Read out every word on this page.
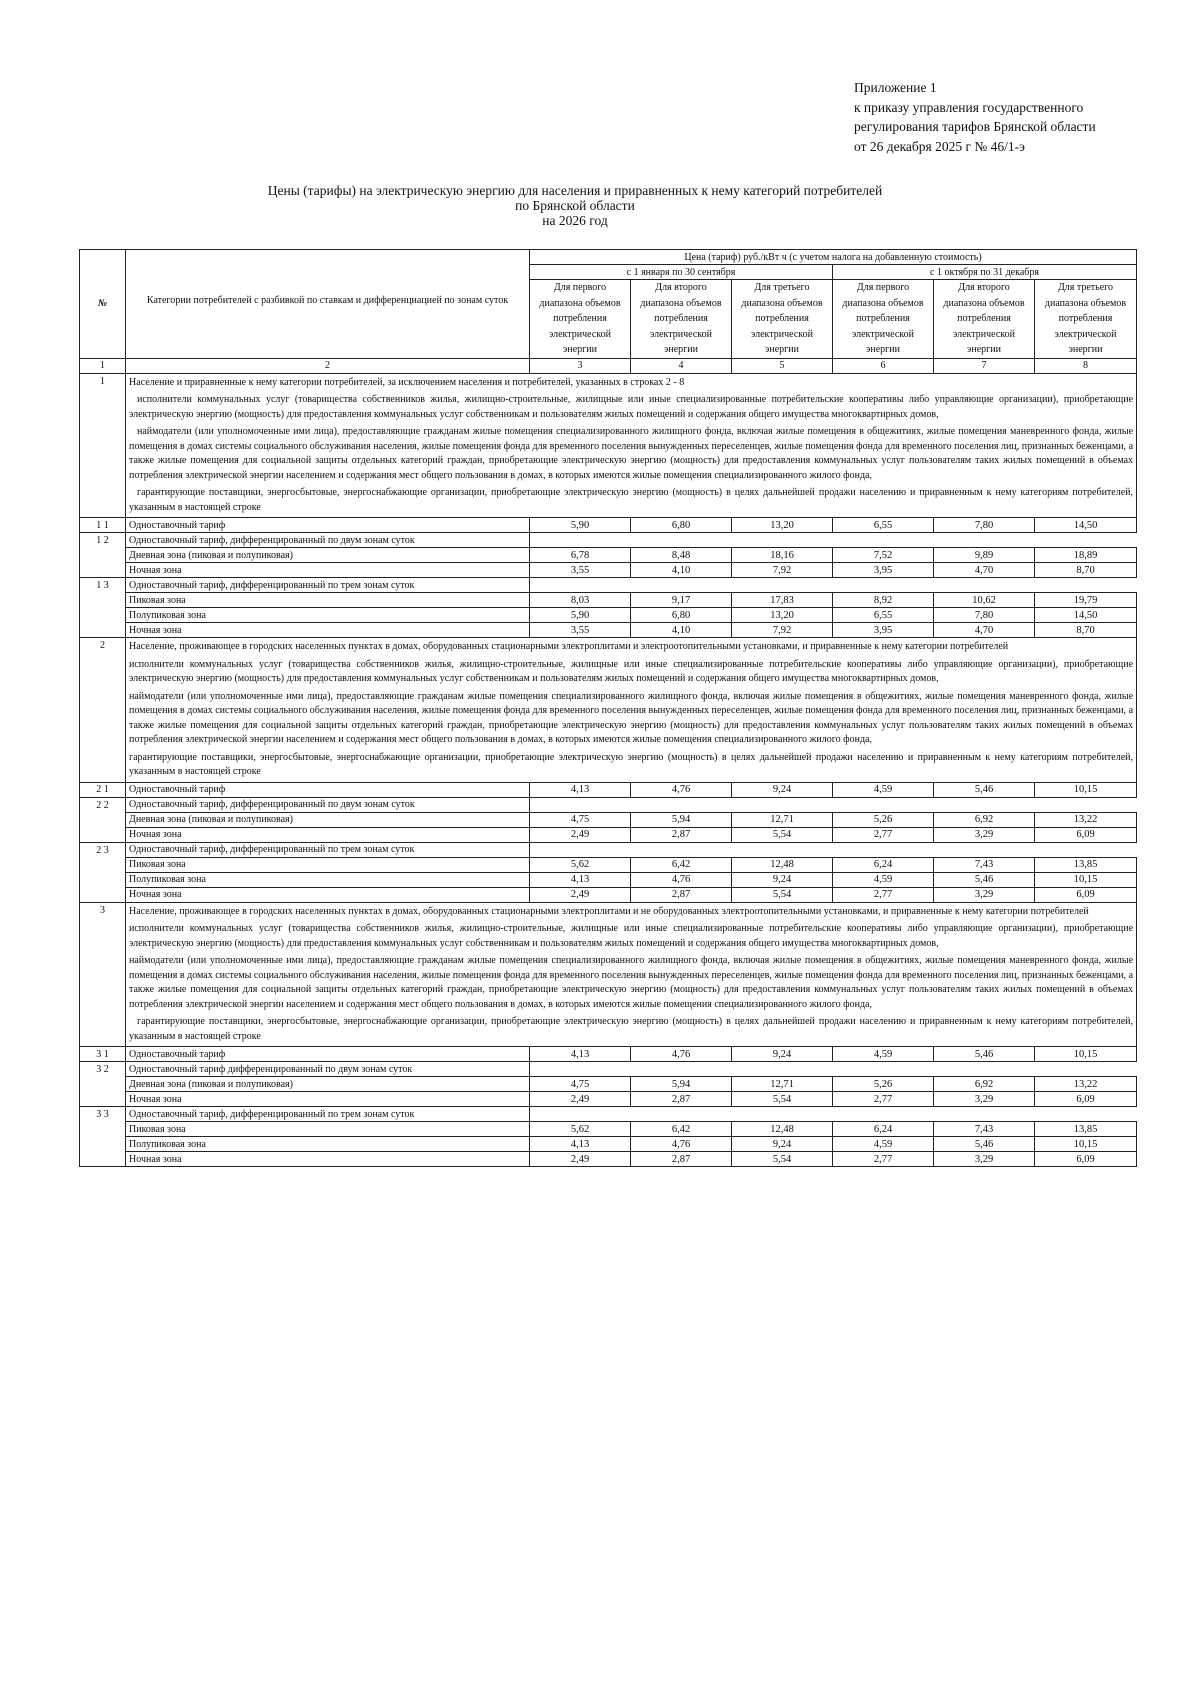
Приложение 1
к приказу управления государственного
регулирования тарифов Брянской области
от 26 декабря 2025 г № 46/1-э
Цены (тарифы) на электрическую энергию для населения и приравненных к нему категорий потребителей
по Брянской области
на 2026 год
№	Категории потребителей с разбивкой по ставкам и дифференциацией по зонам суток	Цена (тариф) руб./кВт ч (с учетом налога на добавленную стоимость)					
		с 1 января по 30 сентября			с 1 октября по 31 декабря		
		Для первого диапазона объемов потребления электрической энергии	Для второго диапазона объемов потребления электрической энергии	Для третьего диапазона объемов потребления электрической энергии	Для первого диапазона объемов потребления электрической энергии	Для второго диапазона объемов потребления электрической энергии	Для третьего диапазона объемов потребления электрической энергии
1	2	3	4	5	6	7	8
1	Население и приравненные к нему категории потребителей, за исключением населения и потребителей, указанных в строках 2 - 8

исполнители коммунальных услуг (товарищества собственников жилья, жилищно-строительные, жилищные или иные специализированные потребительские кооперативы либо управляющие организации), приобретающие электрическую энергию (мощность) для предоставления коммунальных услуг собственникам и пользователям жилых помещений и содержания общего имущества многоквартирных домов,

наймодатели (или уполномоченные ими лица), предоставляющие гражданам жилые помещения специализированного жилищного фонда, включая жилые помещения в общежитиях, жилые помещения маневренного фонда, жилые помещения в домах системы социального обслуживания населения, жилые помещения фонда для временного поселения вынужденных переселенцев, жилые помещения фонда для временного поселения лиц, признанных беженцами, а также жилые помещения для социальной защиты отдельных категорий граждан, приобретающие электрическую энергию (мощность) для предоставления коммунальных услуг пользователям таких жилых помещений в объемах потребления электрической энергии населением и содержания мест общего пользования в домах, в которых имеются жилые помещения специализированного жилого фонда,

гарантирующие поставщики, энергосбытовые, энергоснабжающие организации, приобретающие электрическую энергию (мощность) в целях дальнейшей продажи населению и приравненным к нему категориям потребителей, указанным в настоящей строке						

1 1	Одноставочный тариф	5,90	6,80	13,20	6,55	7,80	14,50
1 2	Одноставочный тариф, дифференцированный по двум зонам суток						
	Дневная зона (пиковая и полупиковая)	6,78	8,48	18,16	7,52	9,89	18,89
	Ночная зона	3,55	4,10	7,92	3,95	4,70	8,70
1 3	Одноставочный тариф, дифференцированный по трем зонам суток						
	Пиковая зона	8,03	9,17	17,83	8,92	10,62	19,79
	Полупиковая зона	5,90	6,80	13,20	6,55	7,80	14,50
	Ночная зона	3,55	4,10	7,92	3,95	4,70	8,70
2	Население, проживающее в городских населенных пунктах в домах, оборудованных стационарными электроплитами и электроотопительными установками, и приравненные к нему категории потребителей

исполнители коммунальных услуг (товарищества собственников жилья, жилищно-строительные, жилищные или иные специализированные потребительские кооперативы либо управляющие организации), приобретающие электрическую энергию (мощность) для предоставления коммунальных услуг собственникам и пользователям жилых помещений и содержания общего имущества многоквартирных домов,

наймодатели (или уполномоченные ими лица), предоставляющие гражданам жилые помещения специализированного жилищного фонда, включая жилые помещения в общежитиях, жилые помещения маневренного фонда, жилые помещения в домах системы социального обслуживания населения, жилые помещения фонда для временного поселения вынужденных переселенцев, жилые помещения фонда для временного поселения лиц, признанных беженцами, а также жилые помещения для социальной защиты отдельных категорий граждан, приобретающие электрическую энергию (мощность) для предоставления коммунальных услуг пользователям таких жилых помещений в объемах потребления электрической энергии населением и содержания мест общего пользования в домах, в которых имеются жилые помещения специализированного жилого фонда,

гарантирующие поставщики, энергосбытовые, энергоснабжающие организации, приобретающие электрическую энергию (мощность) в целях дальнейшей продажи населению и приравненным к нему категориям потребителей, указанным в настоящей строке						

2 1	Одноставочный тариф	4,13	4,76	9,24	4,59	5,46	10,15
2 2	Одноставочный тариф, дифференцированный по двум зонам суток						
	Дневная зона (пиковая и полупиковая)	4,75	5,94	12,71	5,26	6,92	13,22
	Ночная зона	2,49	2,87	5,54	2,77	3,29	6,09
2 3	Одноставочный тариф, дифференцированный по трем зонам суток						
	Пиковая зона	5,62	6,42	12,48	6,24	7,43	13,85
	Полупиковая зона	4,13	4,76	9,24	4,59	5,46	10,15
	Ночная зона	2,49	2,87	5,54	2,77	3,29	6,09
3	Население, проживающее в городских населенных пунктах в домах, оборудованных стационарными электроплитами и не оборудованных электроотопительными установками, и приравненные к нему категории потребителей

исполнители коммунальных услуг (товарищества собственников жилья, жилищно-строительные, жилищные или иные специализированные потребительские кооперативы либо управляющие организации), приобретающие электрическую энергию (мощность) для предоставления коммунальных услуг собственникам и пользователям жилых помещений и содержания общего имущества многоквартирных домов,

наймодатели (или уполномоченные ими лица), предоставляющие гражданам жилые помещения специализированного жилищного фонда, включая жилые помещения в общежитиях, жилые помещения маневренного фонда, жилые помещения в домах системы социального обслуживания населения, жилые помещения фонда для временного поселения вынужденных переселенцев, жилые помещения фонда для временного поселения лиц, признанных беженцами, а также жилые помещения для социальной защиты отдельных категорий граждан, приобретающие электрическую энергию (мощность) для предоставления коммунальных услуг пользователям таких жилых помещений в объемах потребления электрической энергии населением и содержания мест общего пользования в домах, в которых имеются жилые помещения специализированного жилого фонда,

гарантирующие поставщики, энергосбытовые, энергоснабжающие организации, приобретающие электрическую энергию (мощность) в целях дальнейшей продажи населению и приравненным к нему категориям потребителей, указанным в настоящей строке						

3 1	Одноставочный тариф	4,13	4,76	9,24	4,59	5,46	10,15
3 2	Одноставочный тариф дифференцированный по двум зонам суток						
	Дневная зона (пиковая и полупиковая)	4,75	5,94	12,71	5,26	6,92	13,22
	Ночная зона	2,49	2,87	5,54	2,77	3,29	6,09
3 3	Одноставочный тариф, дифференцированный по трем зонам суток						
	Пиковая зона	5,62	6,42	12,48	6,24	7,43	13,85
	Полупиковая зона	4,13	4,76	9,24	4,59	5,46	10,15
	Ночная зона	2,49	2,87	5,54	2,77	3,29	6,09
